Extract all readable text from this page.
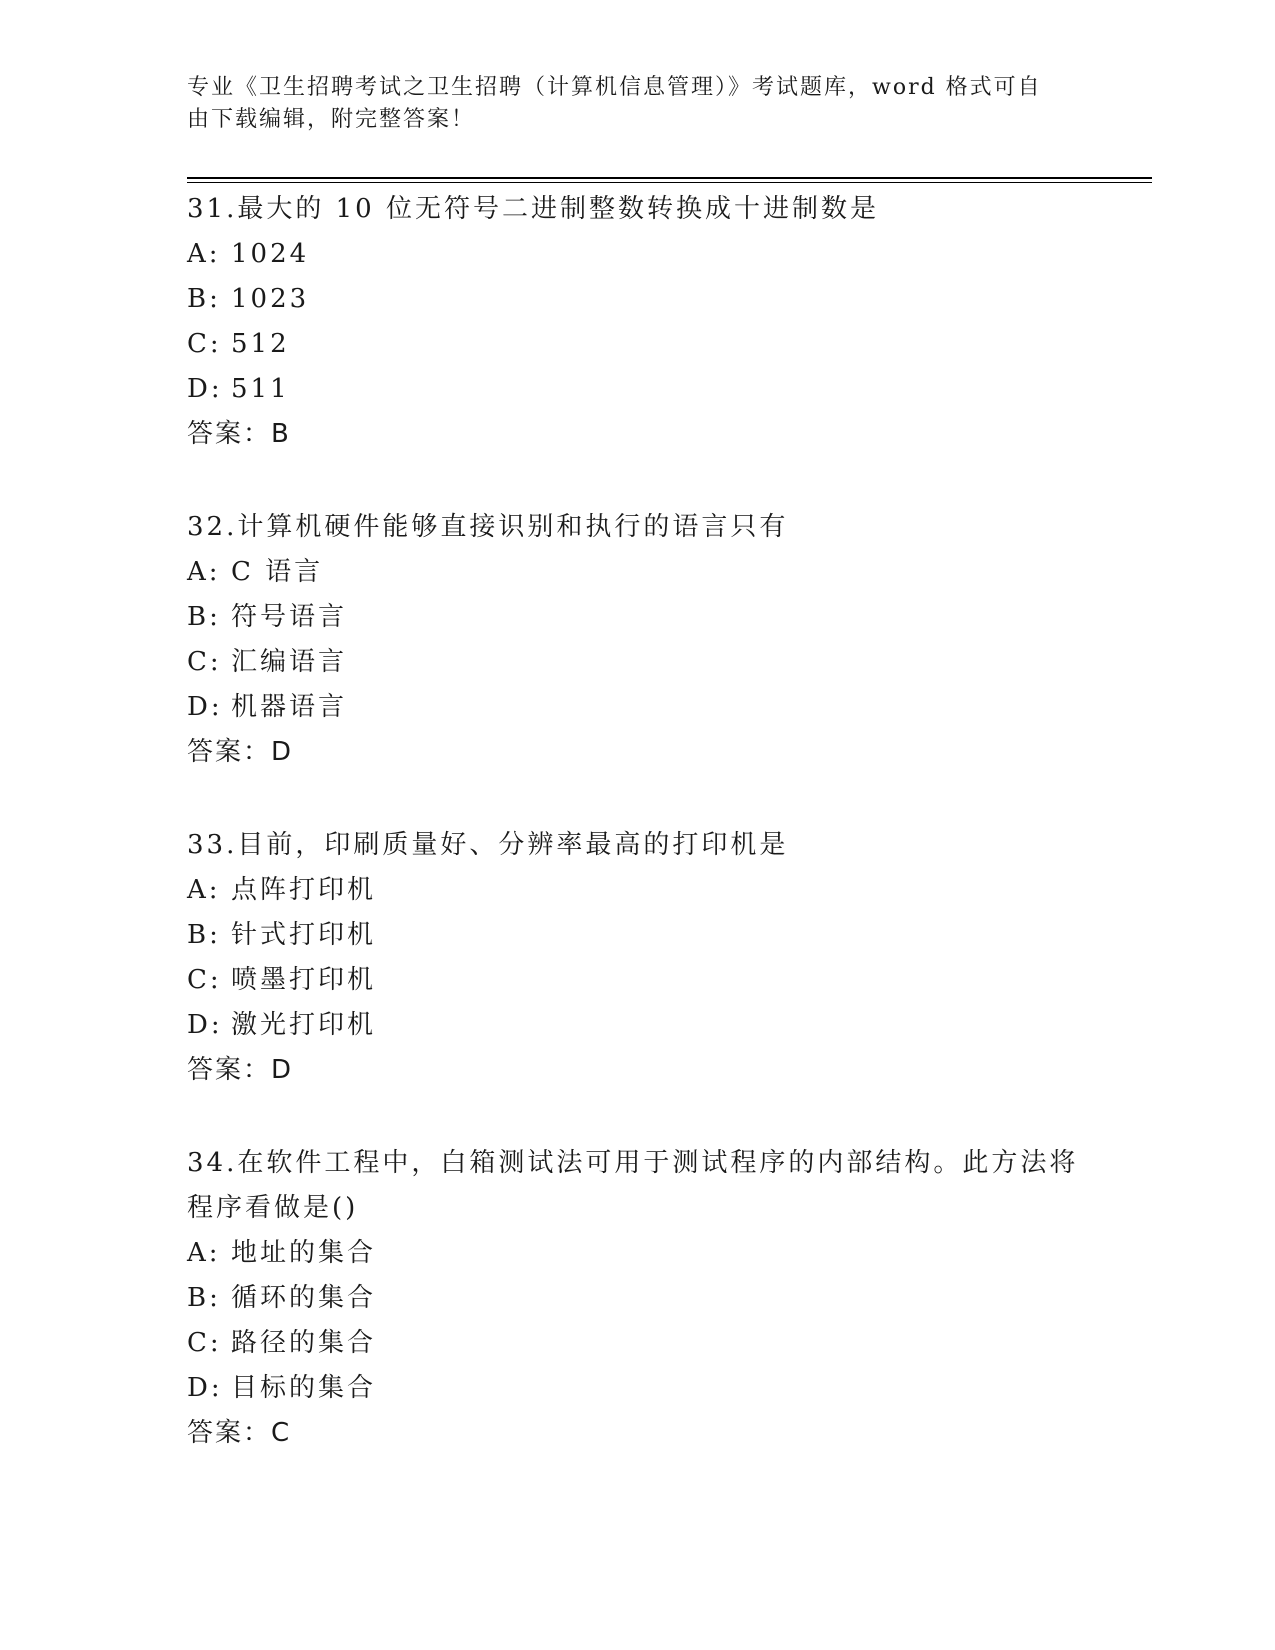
专业《卫生招聘考试之卫生招聘（计算机信息管理）》考试题库，word 格式可自
由下载编辑，附完整答案！

31.最大的 10 位无符号二进制整数转换成十进制数是

A: 1024

B: 1023

C: 512

D: 511

答案：B

32.计算机硬件能够直接识别和执行的语言只有

A: C 语言

B: 符号语言

C: 汇编语言

D: 机器语言

答案：D

33.目前，印刷质量好、分辨率最高的打印机是

A: 点阵打印机

B: 针式打印机

C: 喷墨打印机

D: 激光打印机

答案：D

34.在软件工程中，白箱测试法可用于测试程序的内部结构。此方法将

程序看做是()

A: 地址的集合

B: 循环的集合

C: 路径的集合

D: 目标的集合

答案：C
